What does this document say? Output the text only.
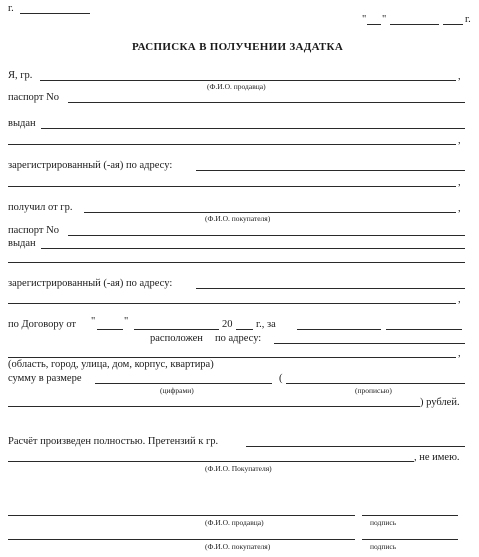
г.
" "	г.
РАСПИСКА В ПОЛУЧЕНИИ ЗАДАТКА
Я, гр.	,
(Ф.И.О. продавца)
паспорт No
выдан
,
зарегистрированный (-ая) по адресу:
,
получил от гр.	,
(Ф.И.О. покупателя)
паспорт No
выдан
зарегистрированный (-ая) по адресу:
,
по Договору от "	"	20 г., за
расположен по адресу:
,
(область, город, улица, дом, корпус, квартира)
сумму в размере	(
(цифрами)	(прописью)
) рублей.
Расчёт произведен полностью. Претензий к гр.
, не имею.
(Ф.И.О. Покупателя)
(Ф.И.О. продавца)	подпись
(Ф.И.О. покупателя)	подпись
